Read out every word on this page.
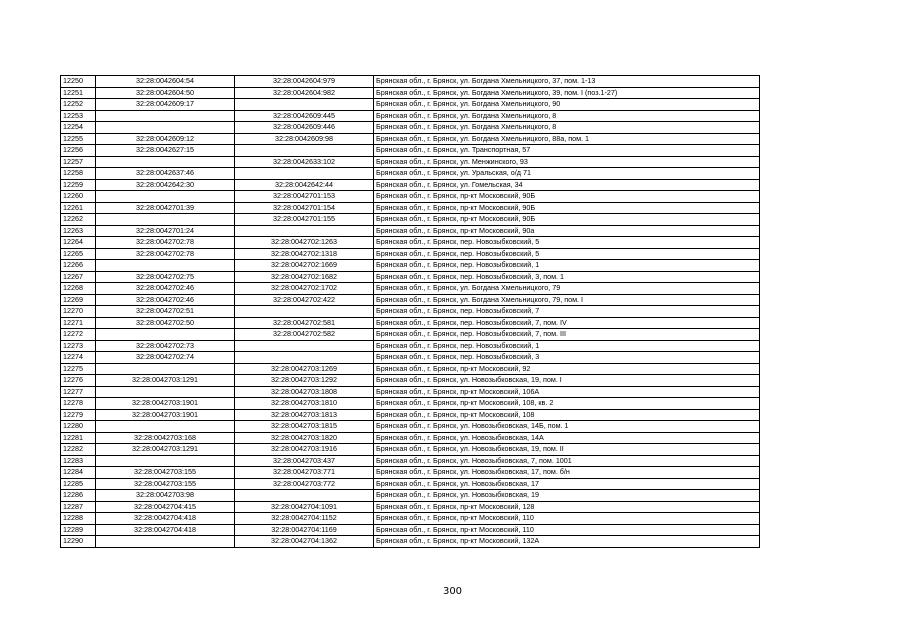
12250	32:28:0042604:54	32:28:0042604:979	Брянская обл., г. Брянск, ул. Богдана Хмельницкого, 37, пом. 1-13
12251	32:28:0042604:50	32:28:0042604:982	Брянская обл., г. Брянск, ул. Богдана Хмельницкого, 39, пом. I (поз.1-27)
12252	32:28:0042609:17		Брянская обл., г. Брянск, ул. Богдана Хмельницкого, 90
12253		32:28:0042609:445	Брянская обл., г. Брянск, ул. Богдана Хмельницкого, 8
12254		32:28:0042609:446	Брянская обл., г. Брянск, ул. Богдана Хмельницкого, 8
12255	32:28:0042609:12	32:28:0042609:98	Брянская обл., г. Брянск, ул. Богдана Хмельницкого, 88а, пом. 1
12256	32:28:0042627:15		Брянская обл., г. Брянск, ул. Транспортная, 57
12257		32:28:0042633:102	Брянская обл., г. Брянск, ул. Менжинского, 93
12258	32:28:0042637:46		Брянская обл., г. Брянск, ул. Уральская, о/д 71
12259	32:28:0042642:30	32:28:0042642:44	Брянская обл., г. Брянск, ул. Гомельская, 34
12260		32:28:0042701:153	Брянская обл., г. Брянск, пр-кт Московский, 90Б
12261	32:28:0042701:39	32:28:0042701:154	Брянская обл., г. Брянск, пр-кт Московский, 90Б
12262		32:28:0042701:155	Брянская обл., г. Брянск, пр-кт Московский, 90Б
12263	32:28:0042701:24		Брянская обл., г. Брянск, пр-кт Московский, 90а
12264	32:28:0042702:78	32:28:0042702:1263	Брянская обл., г. Брянск, пер. Новозыбковский, 5
12265	32:28:0042702:78	32:28:0042702:1318	Брянская обл., г. Брянск, пер. Новозыбковский, 5
12266		32:28:0042702:1669	Брянская обл., г. Брянск, пер. Новозыбковский, 1
12267	32:28:0042702:75	32:28:0042702:1682	Брянская обл., г. Брянск, пер. Новозыбковский, 3, пом. 1
12268	32:28:0042702:46	32:28:0042702:1702	Брянская обл., г. Брянск, ул. Богдана Хмельницкого, 79
12269	32:28:0042702:46	32:28:0042702:422	Брянская обл., г. Брянск, ул. Богдана Хмельницкого, 79, пом. I
12270	32:28:0042702:51		Брянская обл., г. Брянск, пер. Новозыбковский, 7
12271	32:28:0042702:50	32:28:0042702:581	Брянская обл., г. Брянск, пер. Новозыбковский, 7, пом. IV
12272		32:28:0042702:582	Брянская обл., г. Брянск, пер. Новозыбковский, 7, пом. III
12273	32:28:0042702:73		Брянская обл., г. Брянск, пер. Новозыбковский, 1
12274	32:28:0042702:74		Брянская обл., г. Брянск, пер. Новозыбковский, 3
12275		32:28:0042703:1269	Брянская обл., г. Брянск, пр-кт Московский, 92
12276	32:28:0042703:1291	32:28:0042703:1292	Брянская обл., г. Брянск, ул. Новозыбковская, 19, пом. I
12277		32:28:0042703:1808	Брянская обл., г. Брянск, пр-кт Московский, 106А
12278	32:28:0042703:1901	32:28:0042703:1810	Брянская обл., г. Брянск, пр-кт Московский, 108, кв. 2
12279	32:28:0042703:1901	32:28:0042703:1813	Брянская обл., г. Брянск, пр-кт Московский, 108
12280		32:28:0042703:1815	Брянская обл., г. Брянск, ул. Новозыбковская, 14Б, пом. 1
12281	32:28:0042703:168	32:28:0042703:1820	Брянская обл., г. Брянск, ул. Новозыбковская, 14А
12282	32:28:0042703:1291	32:28:0042703:1916	Брянская обл., г. Брянск, ул. Новозыбковская, 19, пом. II
12283		32:28:0042703:437	Брянская обл., г. Брянск, ул. Новозыбковская, 7, пом. 1001
12284	32:28:0042703:155	32:28:0042703:771	Брянская обл., г. Брянск, ул. Новозыбковская, 17, пом. б/н
12285	32:28:0042703:155	32:28:0042703:772	Брянская обл., г. Брянск, ул. Новозыбковская, 17
12286	32:28:0042703:98		Брянская обл., г. Брянск, ул. Новозыбковская, 19
12287	32:28:0042704:415	32:28:0042704:1091	Брянская обл., г. Брянск, пр-кт Московский, 128
12288	32:28:0042704:418	32:28:0042704:1152	Брянская обл., г. Брянск, пр-кт Московский, 110
12289	32:28:0042704:418	32:28:0042704:1169	Брянская обл., г. Брянск, пр-кт Московский, 110
12290		32:28:0042704:1362	Брянская обл., г. Брянск, пр-кт Московский, 132А
300
